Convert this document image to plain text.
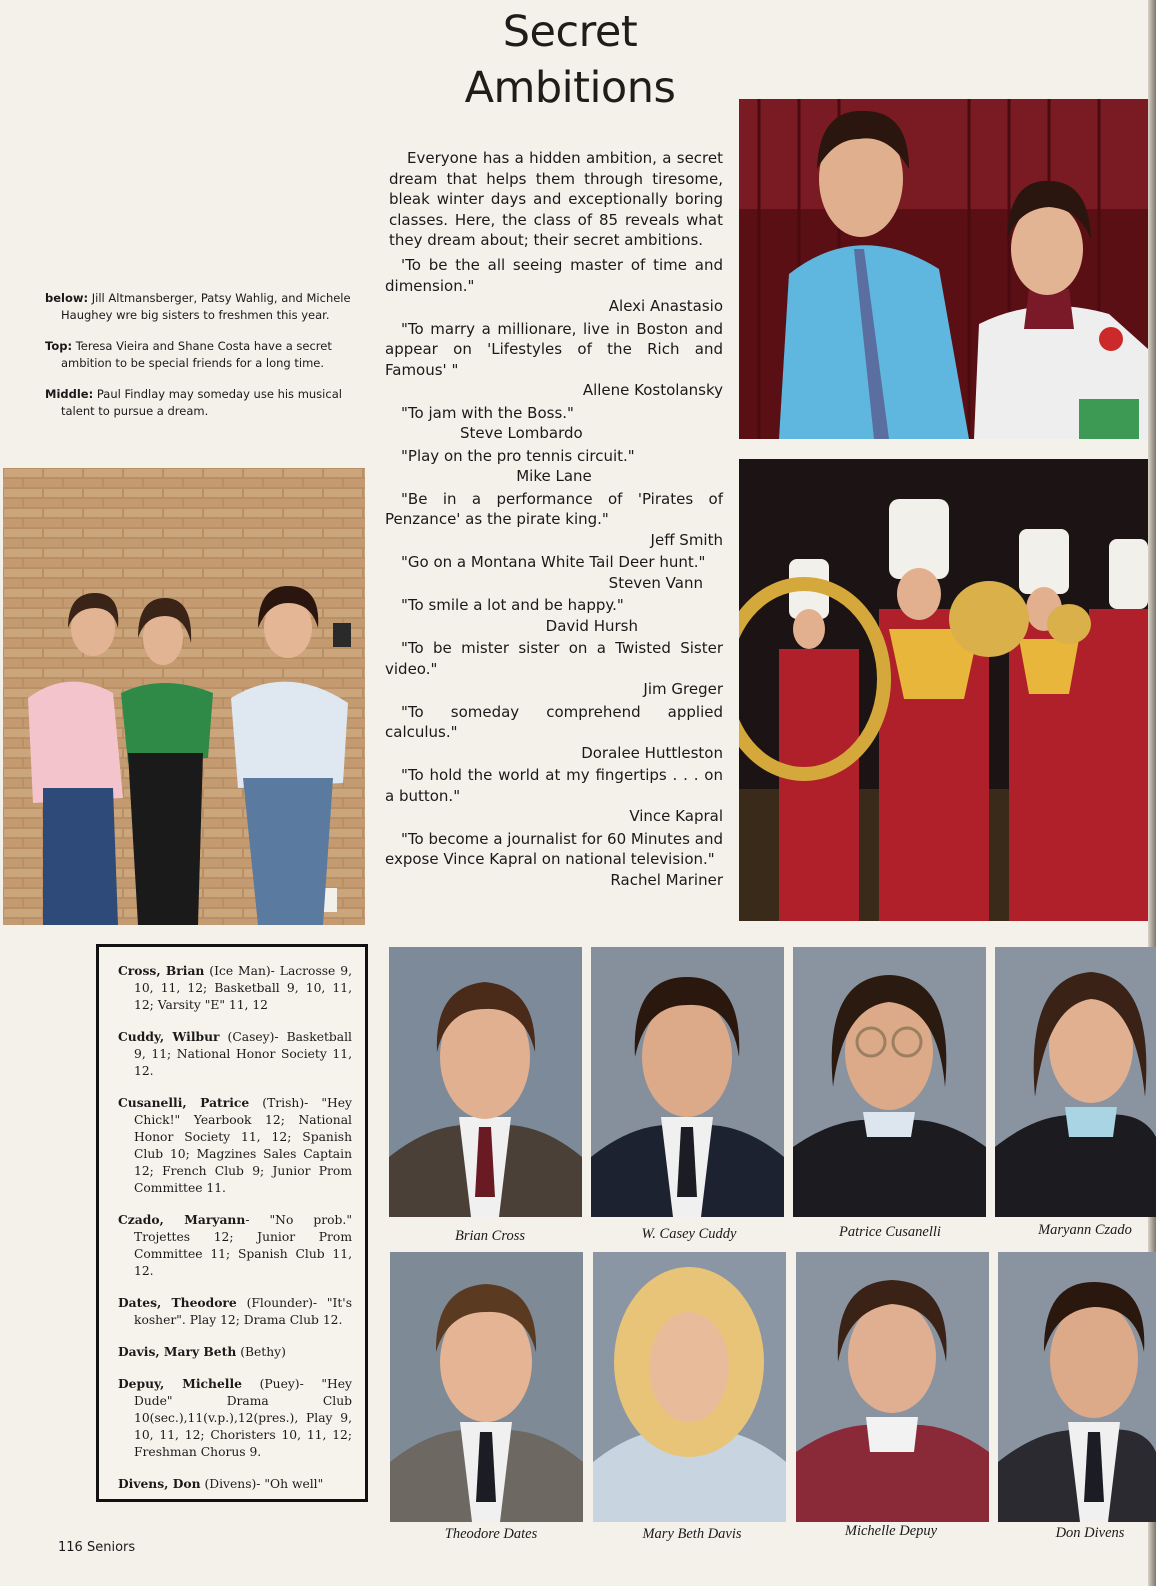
Secret
Ambitions

Everyone has a hidden ambition, a secret dream that helps them through tiresome, bleak winter days and exceptionally boring classes. Here, the class of 85 reveals what they dream about; their secret ambitions.

'To be the all seeing master of time and dimension."

Alexi Anastasio

"To marry a millionare, live in Boston and appear on 'Lifestyles of the Rich and Famous' "

Allene Kostolansky

"To jam with the Boss."

Steve Lombardo

"Play on the pro tennis circuit."

Mike Lane

"Be in a performance of 'Pirates of Penzance' as the pirate king."

Jeff Smith

"Go on a Montana White Tail Deer hunt."

Steven Vann

"To smile a lot and be happy."

David Hursh

"To be mister sister on a Twisted Sister video."

Jim Greger

"To someday comprehend applied calculus."

Doralee Huttleston

"To hold the world at my fingertips . . . on a button."

Vince Kapral

"To become a journalist for 60 Minutes and expose Vince Kapral on national television."

Rachel Mariner

below: Jill Altmansberger, Patsy Wahlig, and Michele Haughey wre big sisters to freshmen this year.

Top: Teresa Vieira and Shane Costa have a secret ambition to be special friends for a long time.

Middle: Paul Findlay may someday use his musical talent to pursue a dream.

Cross, Brian (Ice Man)- Lacrosse 9, 10, 11, 12; Basketball 9, 10, 11, 12; Varsity "E" 11, 12

Cuddy, Wilbur (Casey)- Basketball 9, 11; National Honor Society 11, 12.

Cusanelli, Patrice (Trish)- "Hey Chick!" Yearbook 12; National Honor Society 11, 12; Spanish Club 10; Magzines Sales Captain 12; French Club 9; Junior Prom Committee 11.

Czado, Maryann- "No prob." Trojettes 12; Junior Prom Committee 11; Spanish Club 11, 12.

Dates, Theodore (Flounder)- "It's kosher". Play 12; Drama Club 12.

Davis, Mary Beth (Bethy)

Depuy, Michelle (Puey)- "Hey Dude" Drama Club 10(sec.),11(v.p.),12(pres.), Play 9, 10, 11, 12; Choristers 10, 11, 12; Freshman Chorus 9.

Divens, Don (Divens)- "Oh well"

Brian Cross	W. Casey Cuddy	Patrice Cusanelli	Maryann Czado
Theodore Dates	Mary Beth Davis	Michelle Depuy	Don Divens
116 Seniors
